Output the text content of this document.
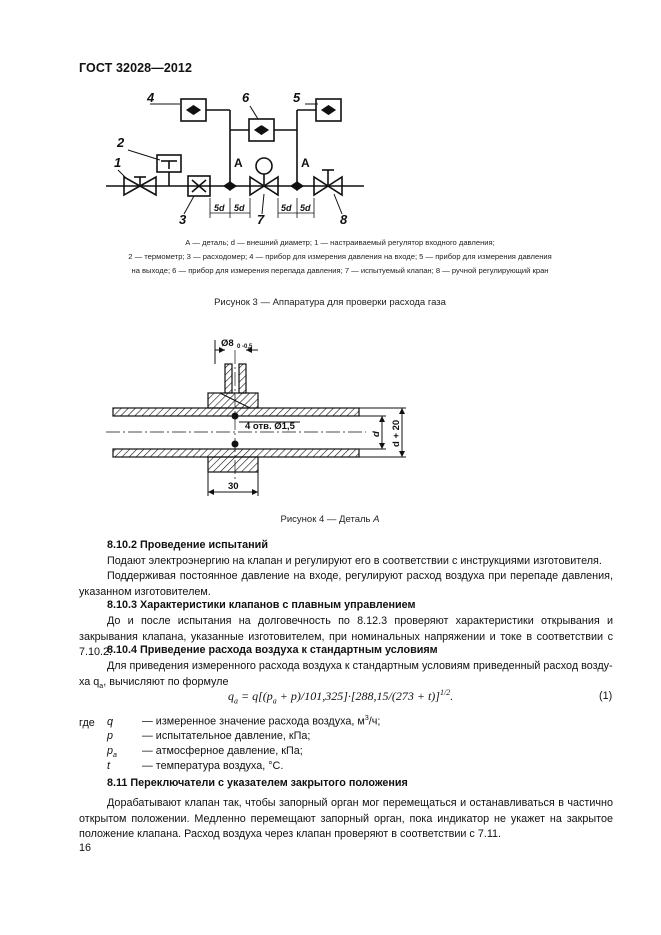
ГОСТ 32028—2012
4	5
6
2
1
3	7	8
А	А
5d 5d	5d 5d
А — деталь; d — внешний диаметр; 1 — настраиваемый регулятор входного давления;
2 — термометр; 3 — расходомер; 4 — прибор для измерения давления на входе; 5 — прибор для измерения давления
на выходе; 6 — прибор для измерения перепада давления; 7 — испытуемый клапан; 8 — ручной регулирующий кран
Рисунок 3 — Аппаратура для проверки расхода газа
Ø8 0 -0,5
4 отв. Ø1,5
30
d d + 20
Рисунок 4 — Деталь А
8.10.2 Проведение испытаний
Подают электроэнергию на клапан и регулируют его в соответствии с инструкциями изготовителя.
Поддерживая постоянное давление на входе, регулируют расход воздуха при перепаде давления, указанном изготовителем.
8.10.3 Характеристики клапанов с плавным управлением
До и после испытания на долговечность по 8.12.3 проверяют характеристики открывания и закрывания клапана, указанные изготовителем, при номинальных напряжении и токе в соответствии с 7.10.2.
8.10.4 Приведение расхода воздуха к стандартным условиям
Для приведения измеренного расхода воздуха к стандартным условиям приведенный расход возду-
ха $q_a$, вычисляют по формуле
$q_a = q[(p_a + p)/101,325]\cdot[288,15/(273 + t)]^{1/2}$.	(1)
где q	— измеренное значение расхода воздуха, $м^3/ч$;
p	— испытательное давление, кПа;
$p_a$ — атмосферное давление, кПа;
t	— температура воздуха, °С.
8.11 Переключатели с указателем закрытого положения
Дорабатывают клапан так, чтобы запорный орган мог перемещаться и останавливаться в частично открытом положении. Медленно перемещают запорный орган, пока индикатор не укажет на закрытое положение клапана. Расход воздуха через клапан проверяют в соответствии с 7.11.
16
